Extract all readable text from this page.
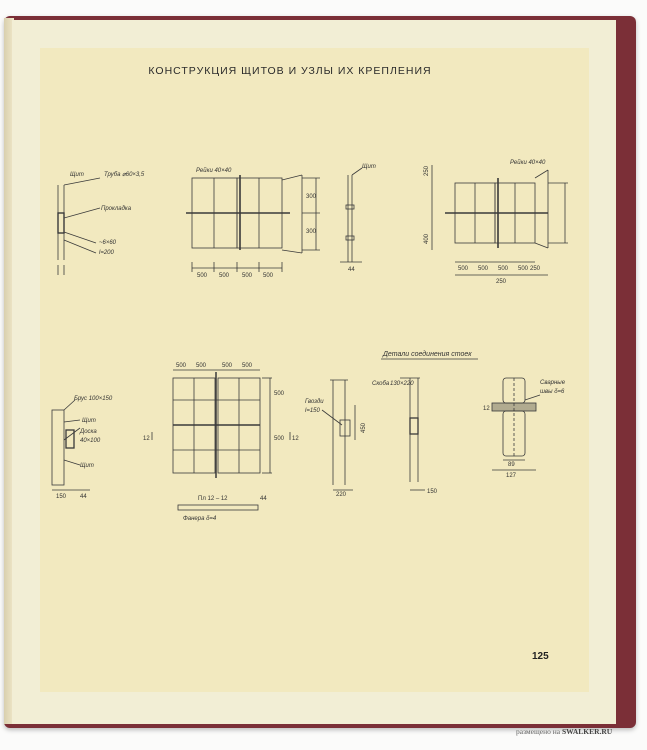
КОНСТРУКЦИЯ ЩИТОВ И УЗЛЫ ИХ КРЕПЛЕНИЯ
Щит	Труба ⌀60×3,5
Прокладка
~6×60
l=200
Рейки 40×40
500 500 500 500
300
300
Щит
44
Рейки 40×40
500 500 500 500 250
250
250
400
Детали соединения стоек
Брус 100×150
Щит
Доска
40×100
Щит
150 44
500 500	500 500
500
500
12	12
Пл 12 – 12
Фанера δ=4
44
Гвозди
l=150
220
450
Скоба 130×220
150
Сварные
швы δ=6
89
127
12
125
размещено на SWALKER.RU
